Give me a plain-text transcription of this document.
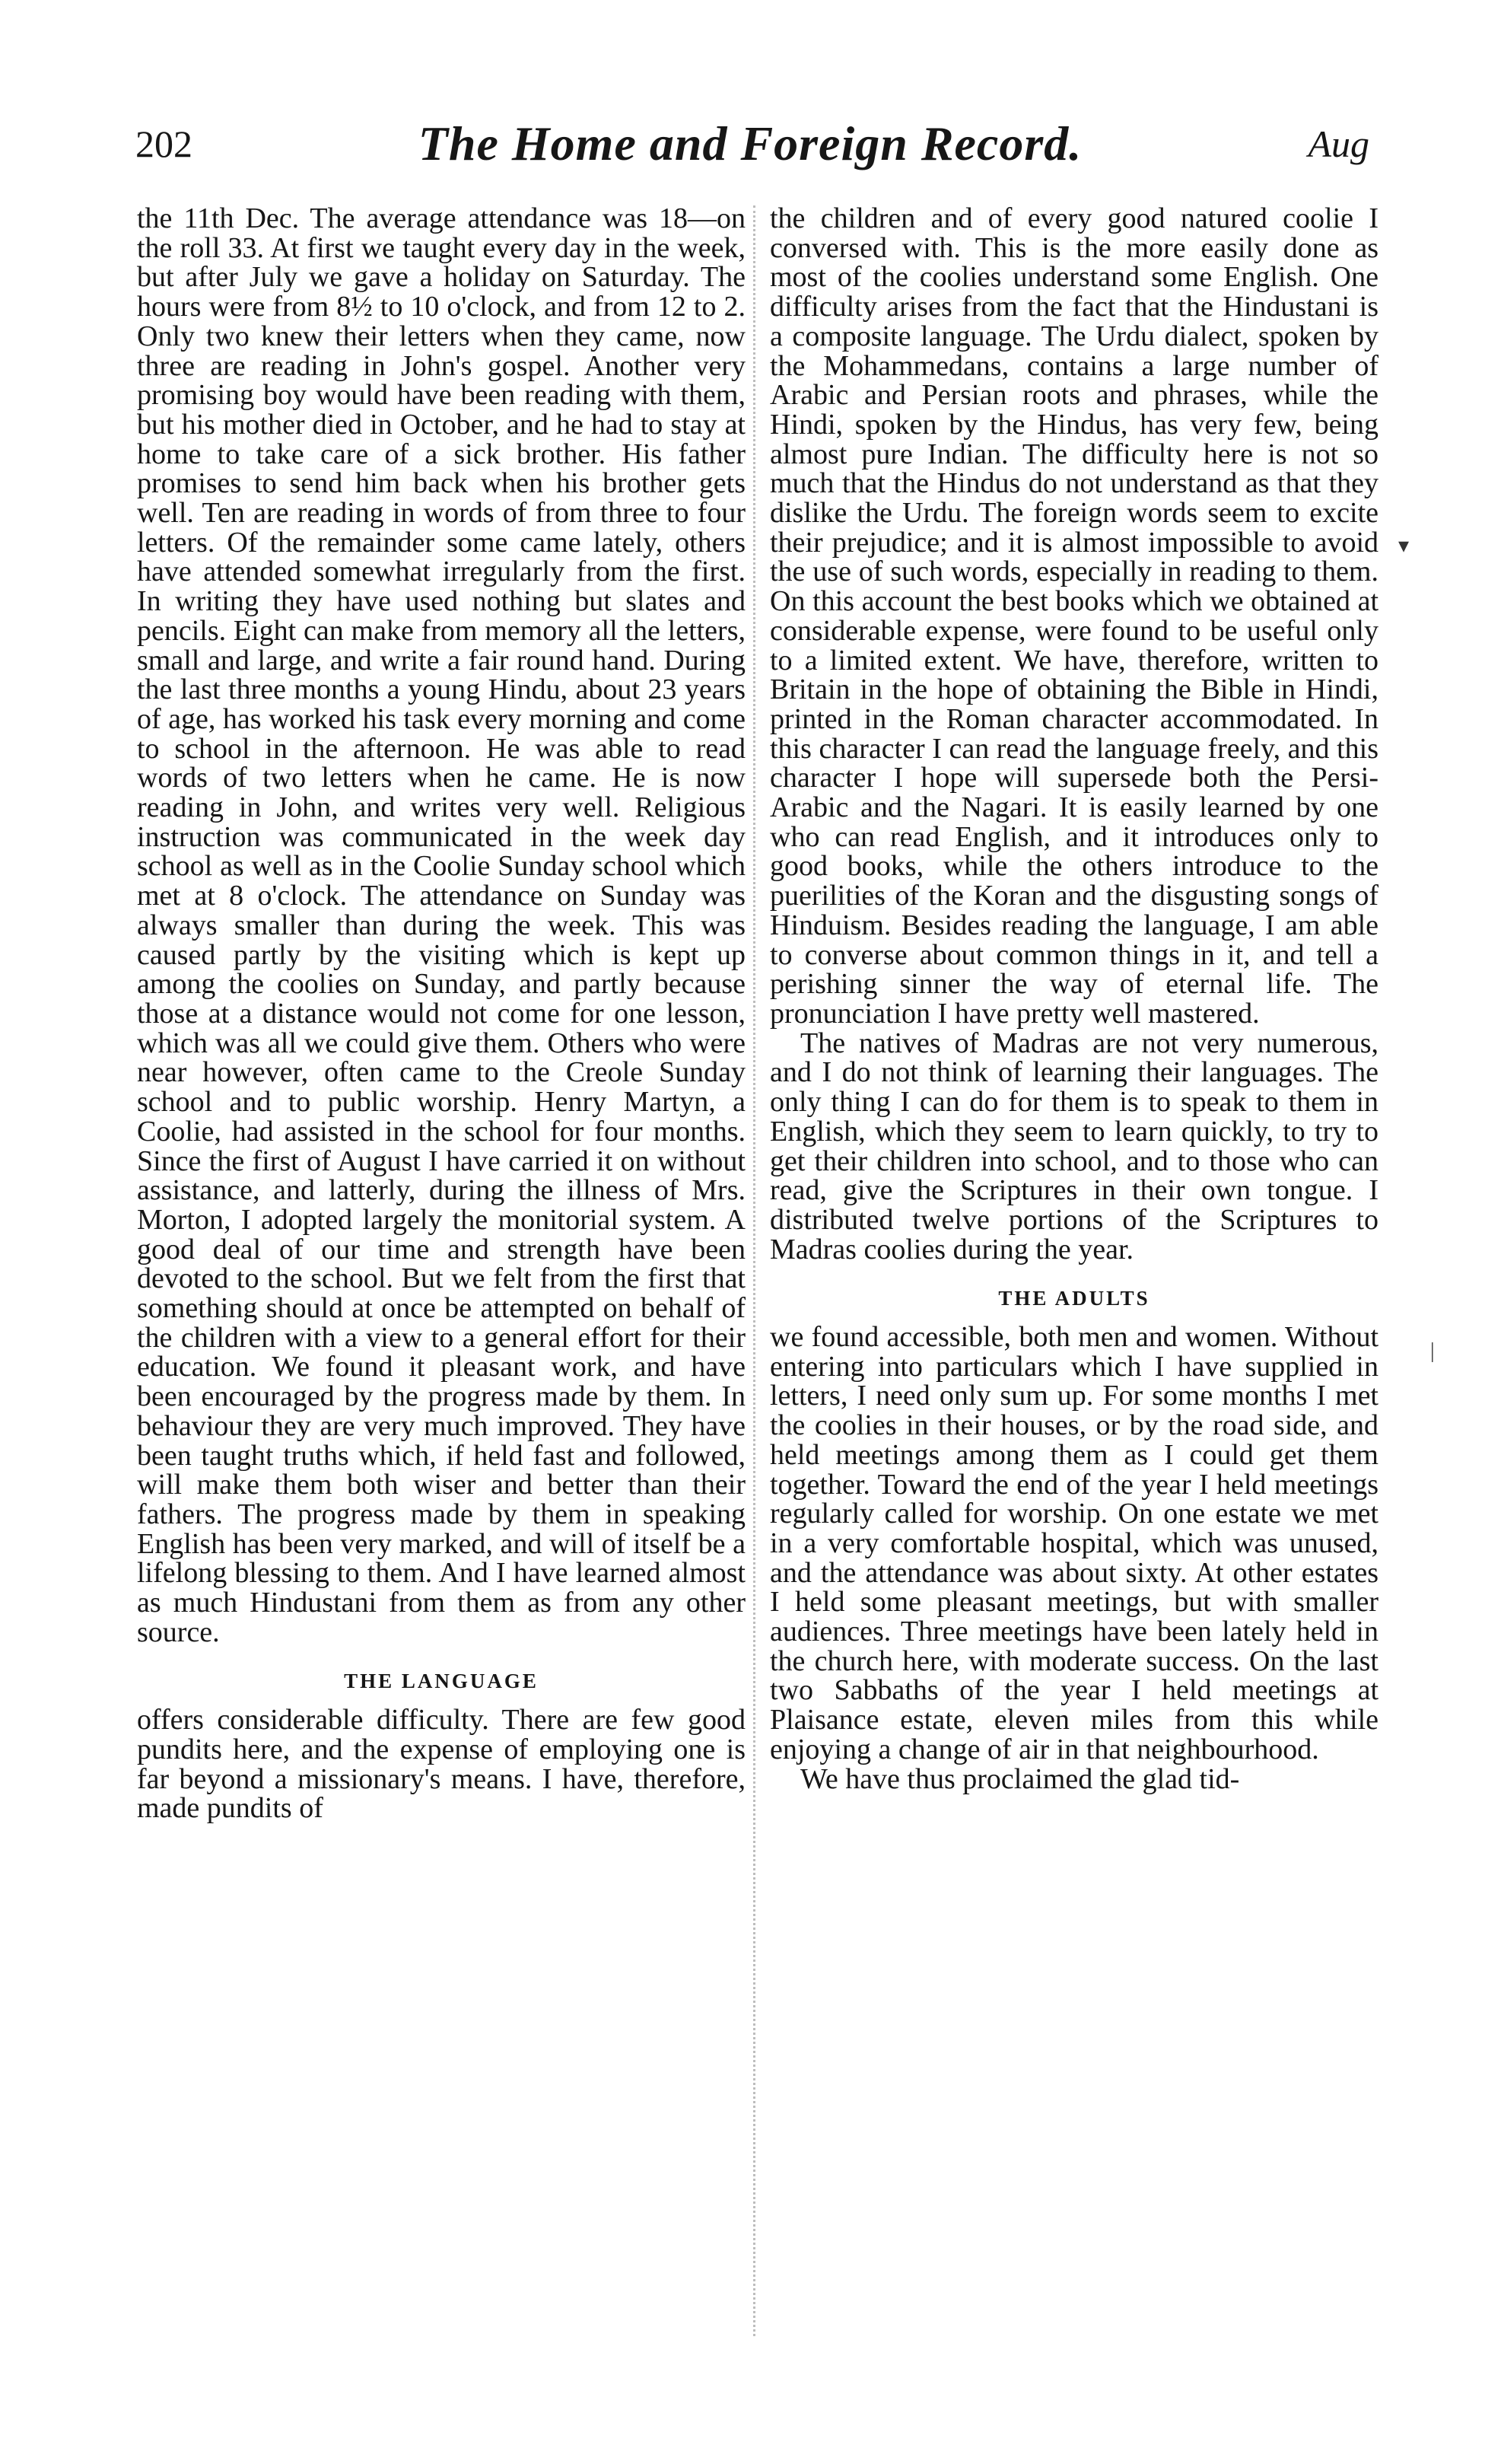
202	The Home and Foreign Record.	Aug

the 11th Dec. The average attendance was 18—on the roll 33. At first we taught every day in the week, but after July we gave a holiday on Saturday. The hours were from 8½ to 10 o'clock, and from 12 to 2. Only two knew their letters when they came, now three are reading in John's gospel. Another very promising boy would have been reading with them, but his mother died in October, and he had to stay at home to take care of a sick brother. His father promises to send him back when his brother gets well. Ten are reading in words of from three to four letters. Of the remainder some came lately, others have attended somewhat irregularly from the first. In writing they have used nothing but slates and pencils. Eight can make from memory all the letters, small and large, and write a fair round hand. During the last three months a young Hindu, about 23 years of age, has worked his task every morning and come to school in the afternoon. He was able to read words of two letters when he came. He is now reading in John, and writes very well. Religious instruction was communicated in the week day school as well as in the Coolie Sunday school which met at 8 o'clock. The attendance on Sunday was always smaller than during the week. This was caused partly by the visiting which is kept up among the coolies on Sunday, and partly because those at a distance would not come for one lesson, which was all we could give them. Others who were near however, often came to the Creole Sunday school and to public worship. Henry Martyn, a Coolie, had assisted in the school for four months. Since the first of August I have carried it on without assistance, and latterly, during the illness of Mrs. Morton, I adopted largely the monitorial system. A good deal of our time and strength have been devoted to the school. But we felt from the first that something should at once be attempted on behalf of the children with a view to a general effort for their education. We found it pleasant work, and have been encouraged by the progress made by them. In behaviour they are very much improved. They have been taught truths which, if held fast and followed, will make them both wiser and better than their fathers. The progress made by them in speaking English has been very marked, and will of itself be a lifelong blessing to them. And I have learned almost as much Hindustani from them as from any other source.

THE LANGUAGE

offers considerable difficulty. There are few good pundits here, and the expense of employing one is far beyond a missionary's means. I have, therefore, made pundits of

the children and of every good natured coolie I conversed with. This is the more easily done as most of the coolies understand some English. One difficulty arises from the fact that the Hindustani is a composite language. The Urdu dialect, spoken by the Mohammedans, contains a large number of Arabic and Persian roots and phrases, while the Hindi, spoken by the Hindus, has very few, being almost pure Indian. The difficulty here is not so much that the Hindus do not understand as that they dislike the Urdu. The foreign words seem to excite their prejudice; and it is almost impossible to avoid the use of such words, especially in reading to them. On this account the best books which we obtained at considerable expense, were found to be useful only to a limited extent. We have, therefore, written to Britain in the hope of obtaining the Bible in Hindi, printed in the Roman character accommodated. In this character I can read the language freely, and this character I hope will supersede both the Persi-Arabic and the Nagari. It is easily learned by one who can read English, and it introduces only to good books, while the others introduce to the puerilities of the Koran and the disgusting songs of Hinduism. Besides reading the language, I am able to converse about common things in it, and tell a perishing sinner the way of eternal life. The pronunciation I have pretty well mastered.

The natives of Madras are not very numerous, and I do not think of learning their languages. The only thing I can do for them is to speak to them in English, which they seem to learn quickly, to try to get their children into school, and to those who can read, give the Scriptures in their own tongue. I distributed twelve portions of the Scriptures to Madras coolies during the year.

THE ADULTS

we found accessible, both men and women. Without entering into particulars which I have supplied in letters, I need only sum up. For some months I met the coolies in their houses, or by the road side, and held meetings among them as I could get them together. Toward the end of the year I held meetings regularly called for worship. On one estate we met in a very comfortable hospital, which was unused, and the attendance was about sixty. At other estates I held some pleasant meetings, but with smaller audiences. Three meetings have been lately held in the church here, with moderate success. On the last two Sabbaths of the year I held meetings at Plaisance estate, eleven miles from this while enjoying a change of air in that neighbourhood.

We have thus proclaimed the glad tid-

▾
|
